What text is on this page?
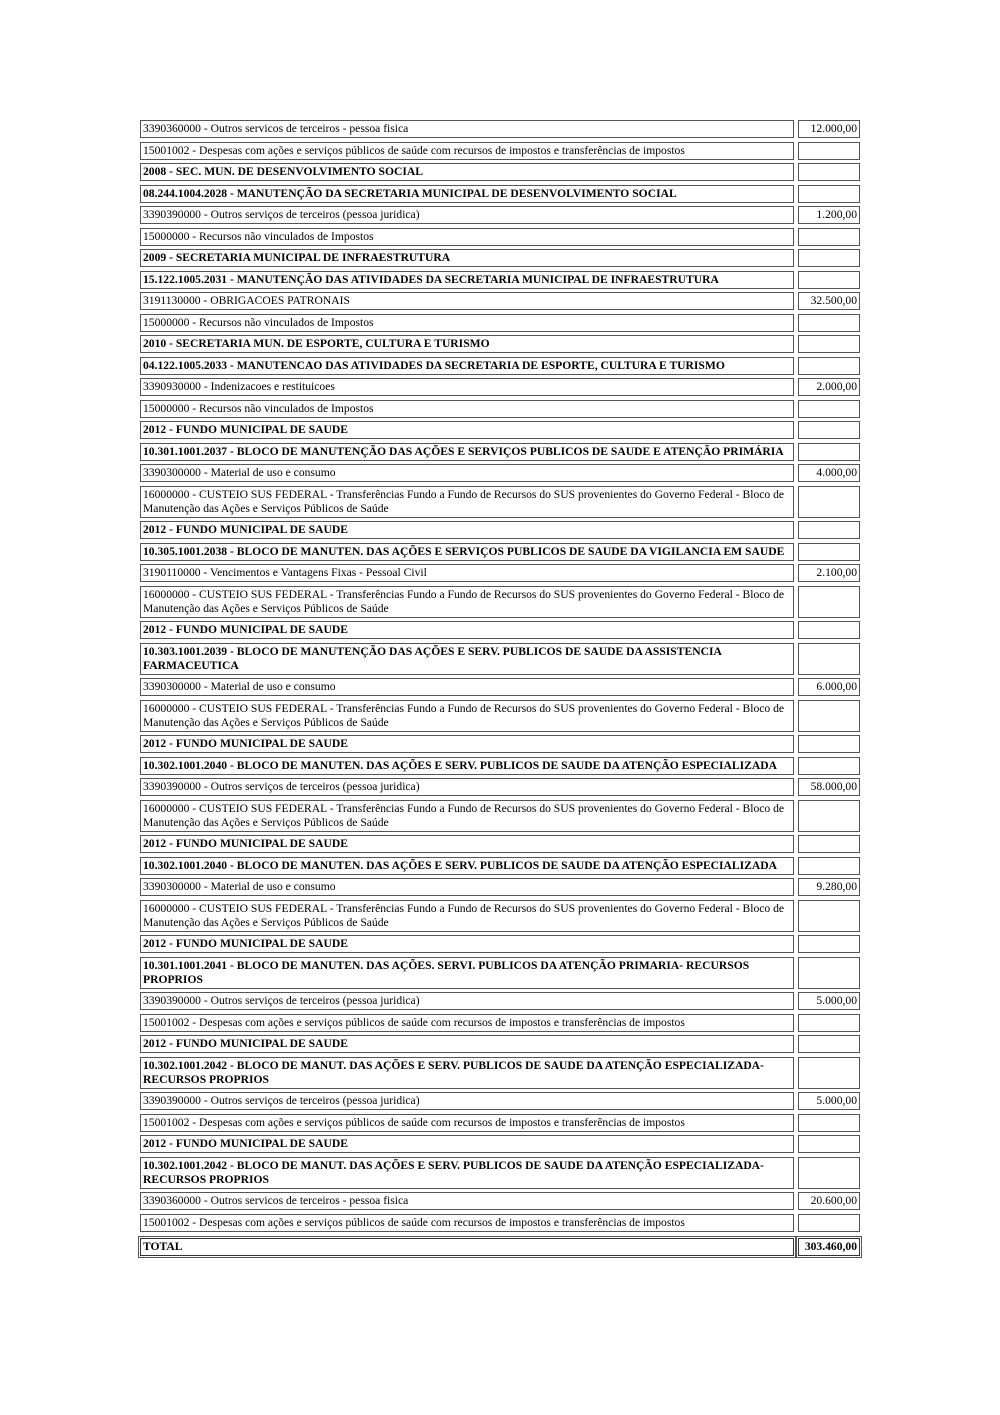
3390360000 - Outros servicos de terceiros - pessoa fisica	12.000,00
15001002 - Despesas com ações e serviços públicos de saúde com recursos de impostos e transferências de impostos
2008 - SEC. MUN. DE DESENVOLVIMENTO SOCIAL
08.244.1004.2028 - MANUTENÇÃO DA SECRETARIA MUNICIPAL DE DESENVOLVIMENTO SOCIAL
3390390000 - Outros serviços de terceiros (pessoa juridica)	1.200,00
15000000 - Recursos não vinculados de Impostos
2009 - SECRETARIA MUNICIPAL DE INFRAESTRUTURA
15.122.1005.2031 - MANUTENÇÃO DAS ATIVIDADES DA SECRETARIA MUNICIPAL DE INFRAESTRUTURA
3191130000 - OBRIGACOES PATRONAIS	32.500,00
15000000 - Recursos não vinculados de Impostos
2010 - SECRETARIA MUN. DE ESPORTE, CULTURA E TURISMO
04.122.1005.2033 - MANUTENCAO DAS ATIVIDADES DA SECRETARIA DE ESPORTE, CULTURA E TURISMO
3390930000 - Indenizacoes e restituicoes	2.000,00
15000000 - Recursos não vinculados de Impostos
2012 - FUNDO MUNICIPAL DE SAUDE
10.301.1001.2037 - BLOCO DE MANUTENÇÃO DAS AÇÕES E SERVIÇOS PUBLICOS DE SAUDE E ATENÇÃO PRIMÁRIA
3390300000 - Material de uso e consumo	4.000,00
16000000 - CUSTEIO SUS FEDERAL - Transferências Fundo a Fundo de Recursos do SUS provenientes do Governo Federal - Bloco de Manutenção das Ações e Serviços Públicos de Saúde
2012 - FUNDO MUNICIPAL DE SAUDE
10.305.1001.2038 - BLOCO DE MANUTEN. DAS AÇÕES E SERVIÇOS PUBLICOS DE SAUDE DA VIGILANCIA EM SAUDE
3190110000 - Vencimentos e Vantagens Fixas - Pessoal Civil	2.100,00
16000000 - CUSTEIO SUS FEDERAL - Transferências Fundo a Fundo de Recursos do SUS provenientes do Governo Federal - Bloco de Manutenção das Ações e Serviços Públicos de Saúde
2012 - FUNDO MUNICIPAL DE SAUDE
10.303.1001.2039 - BLOCO DE MANUTENÇÃO DAS AÇÕES E SERV. PUBLICOS DE SAUDE DA ASSISTENCIA FARMACEUTICA
3390300000 - Material de uso e consumo	6.000,00
16000000 - CUSTEIO SUS FEDERAL - Transferências Fundo a Fundo de Recursos do SUS provenientes do Governo Federal - Bloco de Manutenção das Ações e Serviços Públicos de Saúde
2012 - FUNDO MUNICIPAL DE SAUDE
10.302.1001.2040 - BLOCO DE MANUTEN. DAS AÇÕES E SERV. PUBLICOS DE SAUDE DA ATENÇÃO ESPECIALIZADA
3390390000 - Outros serviços de terceiros (pessoa juridica)	58.000,00
16000000 - CUSTEIO SUS FEDERAL - Transferências Fundo a Fundo de Recursos do SUS provenientes do Governo Federal - Bloco de Manutenção das Ações e Serviços Públicos de Saúde
2012 - FUNDO MUNICIPAL DE SAUDE
10.302.1001.2040 - BLOCO DE MANUTEN. DAS AÇÕES E SERV. PUBLICOS DE SAUDE DA ATENÇÃO ESPECIALIZADA
3390300000 - Material de uso e consumo	9.280,00
16000000 - CUSTEIO SUS FEDERAL - Transferências Fundo a Fundo de Recursos do SUS provenientes do Governo Federal - Bloco de Manutenção das Ações e Serviços Públicos de Saúde
2012 - FUNDO MUNICIPAL DE SAUDE
10.301.1001.2041 - BLOCO DE MANUTEN. DAS AÇÕES. SERVI. PUBLICOS DA ATENÇÃO PRIMARIA- RECURSOS PROPRIOS
3390390000 - Outros serviços de terceiros (pessoa juridica)	5.000,00
15001002 - Despesas com ações e serviços públicos de saúde com recursos de impostos e transferências de impostos
2012 - FUNDO MUNICIPAL DE SAUDE
10.302.1001.2042 - BLOCO DE MANUT. DAS AÇÕES E SERV. PUBLICOS DE SAUDE DA ATENÇÃO ESPECIALIZADA- RECURSOS PROPRIOS
3390390000 - Outros serviços de terceiros (pessoa juridica)	5.000,00
15001002 - Despesas com ações e serviços públicos de saúde com recursos de impostos e transferências de impostos
2012 - FUNDO MUNICIPAL DE SAUDE
10.302.1001.2042 - BLOCO DE MANUT. DAS AÇÕES E SERV. PUBLICOS DE SAUDE DA ATENÇÃO ESPECIALIZADA- RECURSOS PROPRIOS
3390360000 - Outros servicos de terceiros - pessoa fisica	20.600,00
15001002 - Despesas com ações e serviços públicos de saúde com recursos de impostos e transferências de impostos
TOTAL	303.460,00
